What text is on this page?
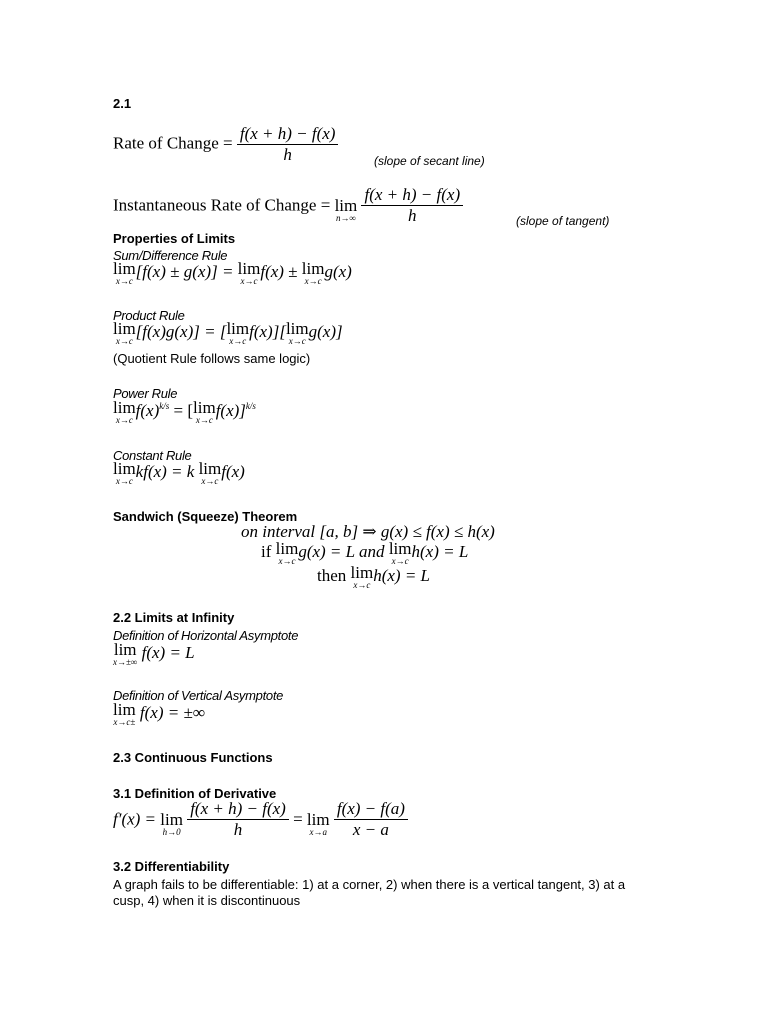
2.1
Rate of Change = $\frac{f(x + h) - f(x)}{h}$	(slope of secant line)
Instantaneous Rate of Change = lim
n→∞
$\frac{f(x + h) - f(x)}{h}$	(slope of tangent)
Properties of Limits
Sum/Difference Rule
lim
x→c [f(x) ± g(x)] = lim
x→c f(x) ± lim
x→c g(x)
Product Rule
lim
x→c [f(x)g(x)] = [lim
x→c f(x)][lim
x→c g(x)]
(Quotient Rule follows same logic)
Power Rule
lim
x→c $f(x)^{k/s} = [\lim$
x→c f(x)]$^{k/s}$
Constant Rule
lim
x→c kf(x) = k lim
x→c f(x)
Sandwich (Squeeze) Theorem
on interval [a, b] ⇒ g(x) ≤ f(x) ≤ h(x)
if lim
x→c g(x) = L and lim
x→c h(x) = L
then lim
x→c h(x) = L
2.2 Limits at Infinity
Definition of Horizontal Asymptote
lim
x→±∞ f(x) = L
Definition of Vertical Asymptote
lim
x→c± f(x) = ±∞
2.3 Continuous Functions
3.1 Definition of Derivative
f′(x) = lim
h→0
$\frac{f(x + h) - f(x)}{h} = \lim$
x→a
$\frac{f(x) - f(a)}{x - a}$
3.2 Differentiability
A graph fails to be differentiable: 1) at a corner, 2) when there is a vertical tangent, 3) at a cusp, 4) when it is discontinuous
